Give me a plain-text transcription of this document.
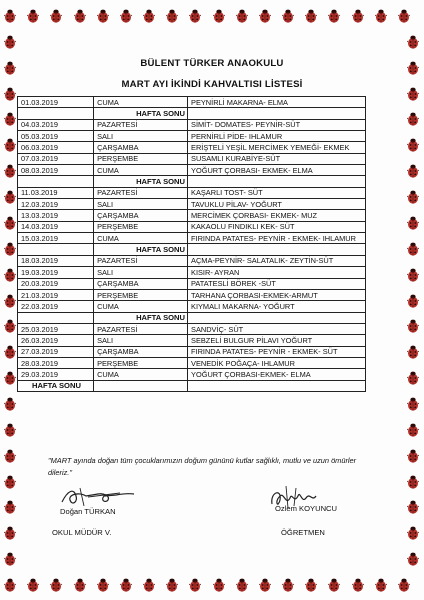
BÜLENT TÜRKER ANAOKULU
MART AYI İKİNDİ KAHVALTISI LİSTESİ
01.03.2019	CUMA	PEYNİRLİ MAKARNA- ELMA
	HAFTA SONU	
04.03.2019	PAZARTESİ	SİMİT- DOMATES- PEYNİR-SÜT
05.03.2019	SALI	PERNİRLİ PİDE- IHLAMUR
06.03.2019	ÇARŞAMBA	ERİŞTELİ YEŞİL MERCİMEK YEMEĞİ- EKMEK
07.03.2019	PERŞEMBE	SUSAMLI KURABİYE-SÜT
08.03.2019	CUMA	YOĞURT ÇORBASI- EKMEK- ELMA
	HAFTA SONU	
11.03.2019	PAZARTESİ	KAŞARLI TOST- SÜT
12.03.2019	SALI	TAVUKLU PİLAV- YOĞURT
13.03.2019	ÇARŞAMBA	MERCİMEK ÇORBASI- EKMEK- MUZ
14.03.2019	PERŞEMBE	KAKAOLU FINDIKLI KEK- SÜT
15.03.2019	CUMA	FIRINDA PATATES- PEYNİR - EKMEK- IHLAMUR
	HAFTA SONU	
18.03.2019	PAZARTESİ	AÇMA-PEYNİR- SALATALIK- ZEYTİN-SÜT
19.03.2019	SALI	KISIR- AYRAN
20.03.2019	ÇARŞAMBA	PATATESLİ BÖREK -SÜT
21.03.2019	PERŞEMBE	TARHANA ÇORBASI-EKMEK-ARMUT
22.03.2019	CUMA	KIYMALI MAKARNA- YOĞURT
	HAFTA SONU	
25.03.2019	PAZARTESİ	SANDVİÇ- SÜT
26.03.2019	SALI	SEBZELİ BULGUR PİLAVI YOĞURT
27.03.2019	ÇARŞAMBA	FIRINDA PATATES- PEYNİR - EKMEK- SÜT
28.03.2019	PERŞEMBE	VENEDİK POĞAÇA- IHLAMUR
29.03.2019	CUMA	YOĞURT ÇORBASI-EKMEK- ELMA
HAFTA SONU		
"MART ayında doğan tüm çocuklarımızın doğum gününü kutlar sağlıklı, mutlu ve uzun ömürler dileriz."
Doğan TÜRKAN
OKUL MÜDÜR V.
Özlem KOYUNCU
ÖĞRETMEN
